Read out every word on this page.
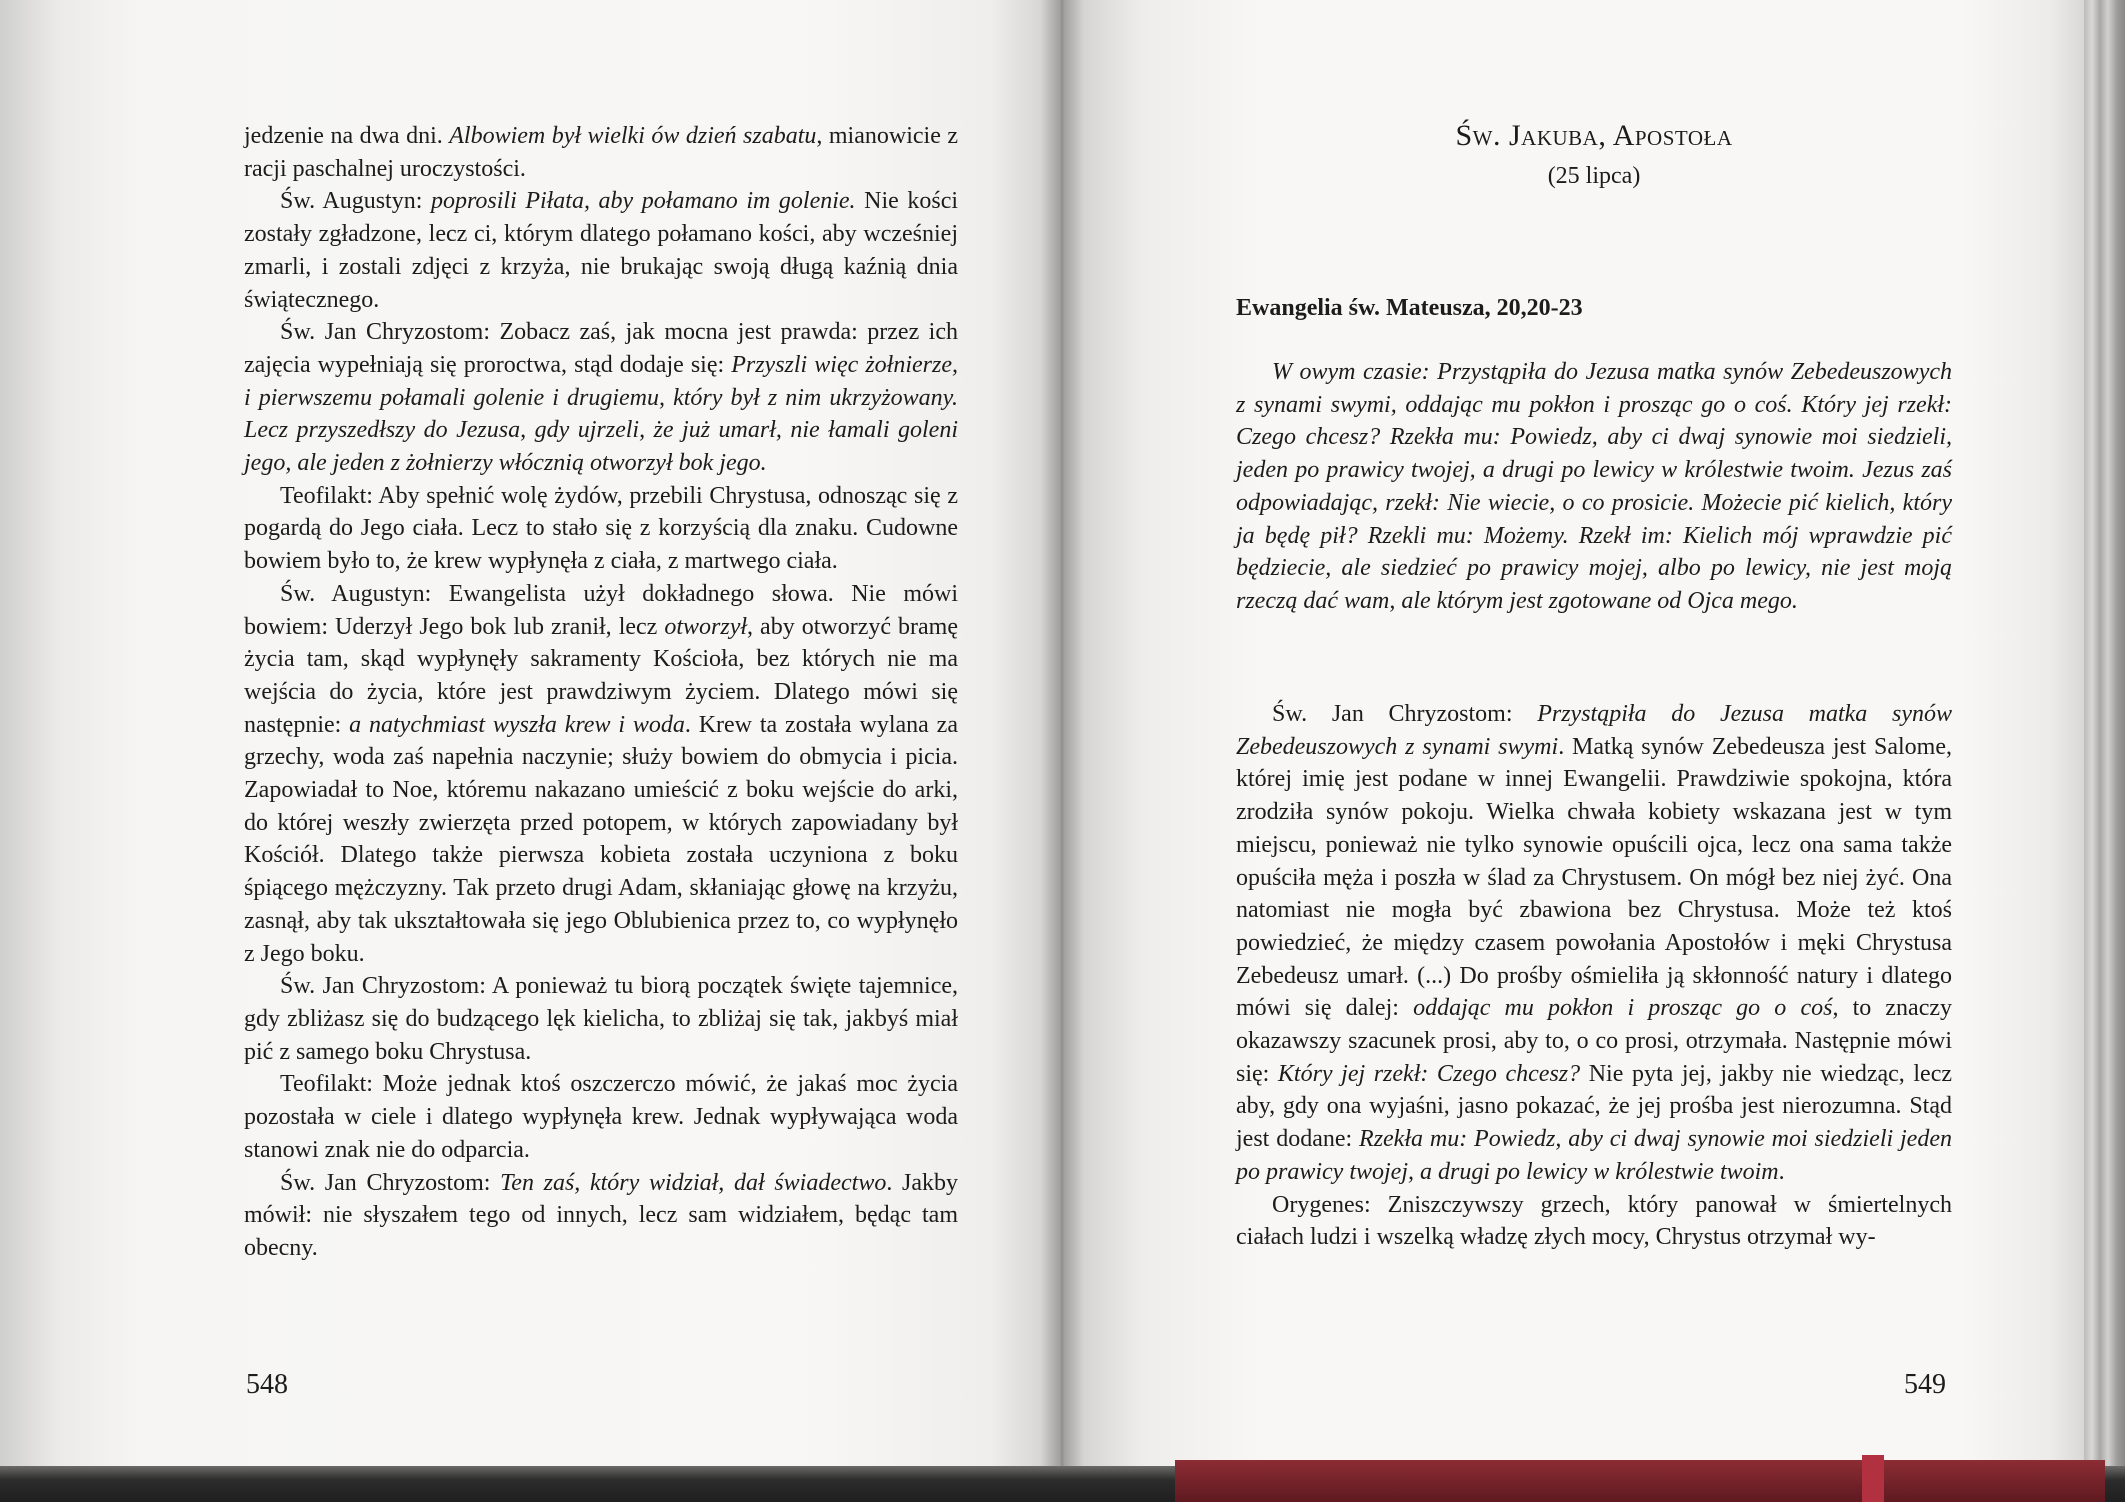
jedzenie na dwa dni. Albowiem był wielki ów dzień szabatu, mianowicie z racji paschalnej uroczystości.

Św. Augustyn: poprosili Piłata, aby połamano im golenie. Nie kości zostały zgładzone, lecz ci, którym dlatego połamano kości, aby wcześniej zmarli, i zostali zdjęci z krzyża, nie brukając swoją długą kaźnią dnia świątecznego.

Św. Jan Chryzostom: Zobacz zaś, jak mocna jest prawda: przez ich zajęcia wypełniają się proroctwa, stąd dodaje się: Przyszli więc żołnierze, i pierwszemu połamali golenie i drugiemu, który był z nim ukrzyżowany. Lecz przyszedłszy do Jezusa, gdy ujrzeli, że już umarł, nie łamali goleni jego, ale jeden z żołnierzy włócznią otworzył bok jego.

Teofilakt: Aby spełnić wolę żydów, przebili Chrystusa, odnosząc się z pogardą do Jego ciała. Lecz to stało się z korzyścią dla znaku. Cudowne bowiem było to, że krew wypłynęła z ciała, z martwego ciała.

Św. Augustyn: Ewangelista użył dokładnego słowa. Nie mówi bowiem: Uderzył Jego bok lub zranił, lecz otworzył, aby otworzyć bramę życia tam, skąd wypłynęły sakramenty Kościoła, bez których nie ma wejścia do życia, które jest prawdziwym życiem. Dlatego mówi się następnie: a natychmiast wyszła krew i woda. Krew ta została wylana za grzechy, woda zaś napełnia naczynie; służy bowiem do obmycia i picia. Zapowiadał to Noe, któremu nakazano umieścić z boku wejście do arki, do której weszły zwierzęta przed potopem, w których zapowiadany był Kościół. Dlatego także pierwsza kobieta została uczyniona z boku śpiącego mężczyzny. Tak przeto drugi Adam, skłaniając głowę na krzyżu, zasnął, aby tak ukształtowała się jego Oblubienica przez to, co wypłynęło z Jego boku.

Św. Jan Chryzostom: A ponieważ tu biorą początek święte tajemnice, gdy zbliżasz się do budzącego lęk kielicha, to zbliżaj się tak, jakbyś miał pić z samego boku Chrystusa.

Teofilakt: Może jednak ktoś oszczerczo mówić, że jakaś moc życia pozostała w ciele i dlatego wypłynęła krew. Jednak wypływająca woda stanowi znak nie do odparcia.

Św. Jan Chryzostom: Ten zaś, który widział, dał świadectwo. Jakby mówił: nie słyszałem tego od innych, lecz sam widziałem, będąc tam obecny.

548
Św. Jakuba, Apostoła
(25 lipca)
Ewangelia św. Mateusza, 20,20-23

W owym czasie: Przystąpiła do Jezusa matka synów Zebedeuszowych z synami swymi, oddając mu pokłon i prosząc go o coś. Który jej rzekł: Czego chcesz? Rzekła mu: Powiedz, aby ci dwaj synowie moi siedzieli, jeden po prawicy twojej, a drugi po lewicy w królestwie twoim. Jezus zaś odpowiadając, rzekł: Nie wiecie, o co prosicie. Możecie pić kielich, który ja będę pił? Rzekli mu: Możemy. Rzekł im: Kielich mój wprawdzie pić będziecie, ale siedzieć po prawicy mojej, albo po lewicy, nie jest moją rzeczą dać wam, ale którym jest zgotowane od Ojca mego.

Św. Jan Chryzostom: Przystąpiła do Jezusa matka synów Zebedeuszowych z synami swymi. Matką synów Zebedeusza jest Salome, której imię jest podane w innej Ewangelii. Prawdziwie spokojna, która zrodziła synów pokoju. Wielka chwała kobiety wskazana jest w tym miejscu, ponieważ nie tylko synowie opuścili ojca, lecz ona sama także opuściła męża i poszła w ślad za Chrystusem. On mógł bez niej żyć. Ona natomiast nie mogła być zbawiona bez Chrystusa. Może też ktoś powiedzieć, że między czasem powołania Apostołów i męki Chrystusa Zebedeusz umarł. (...) Do prośby ośmieliła ją skłonność natury i dlatego mówi się dalej: oddając mu pokłon i prosząc go o coś, to znaczy okazawszy szacunek prosi, aby to, o co prosi, otrzymała. Następnie mówi się: Który jej rzekł: Czego chcesz? Nie pyta jej, jakby nie wiedząc, lecz aby, gdy ona wyjaśni, jasno pokazać, że jej prośba jest nierozumna. Stąd jest dodane: Rzekła mu: Powiedz, aby ci dwaj synowie moi siedzieli jeden po prawicy twojej, a drugi po lewicy w królestwie twoim.

Orygenes: Zniszczywszy grzech, który panował w śmiertelnych ciałach ludzi i wszelką władzę złych mocy, Chrystus otrzymał wy-

549
